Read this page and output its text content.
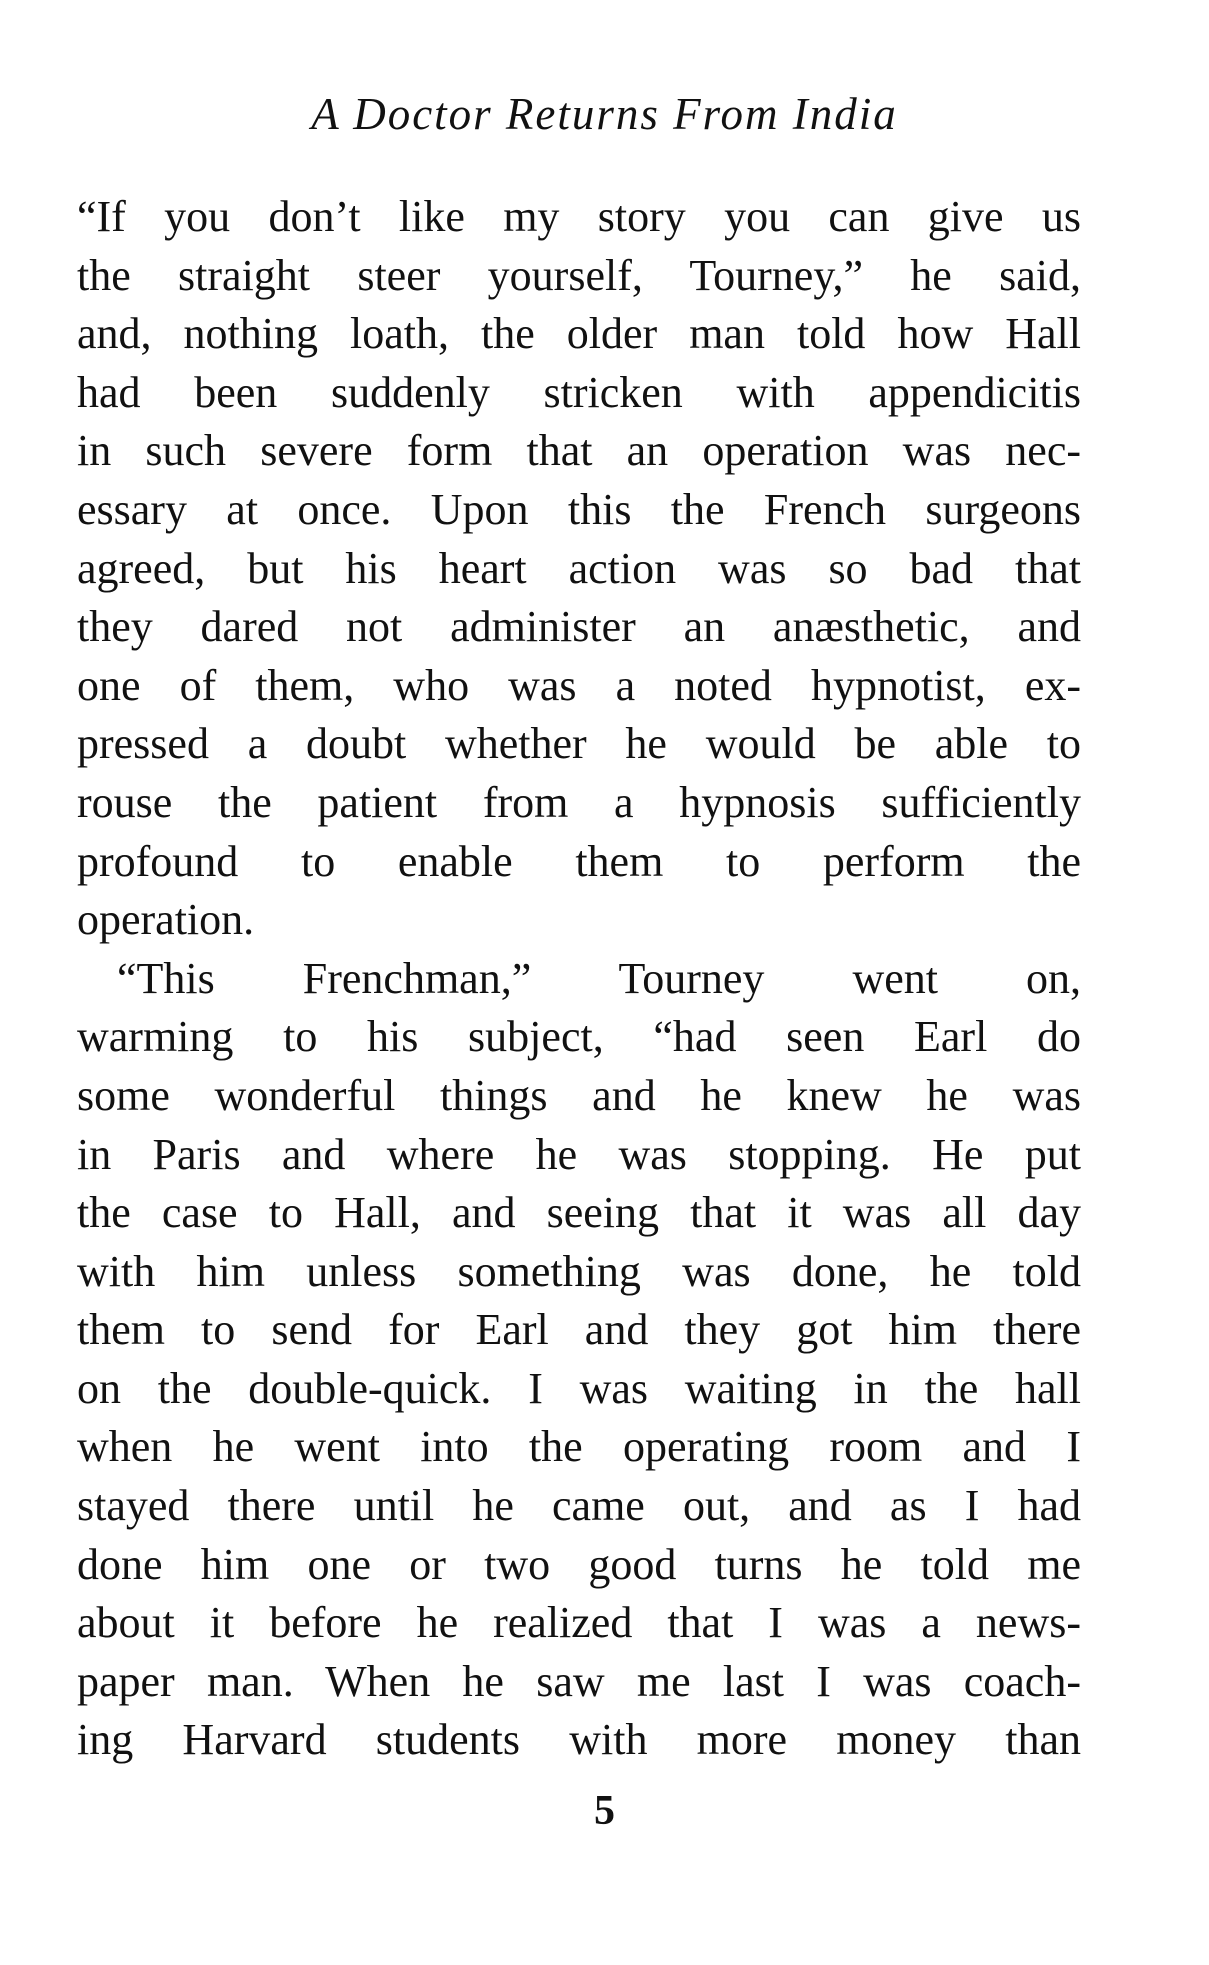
A Doctor Returns From India
“If you don’t like my story you can give us
the straight steer yourself, Tourney,” he said,
and, nothing loath, the older man told how Hall
had been suddenly stricken with appendicitis
in such severe form that an operation was nec-
essary at once. Upon this the French surgeons
agreed, but his heart action was so bad that
they dared not administer an anæsthetic, and
one of them, who was a noted hypnotist, ex-
pressed a doubt whether he would be able to
rouse the patient from a hypnosis sufficiently
profound to enable them to perform the
operation.
“This Frenchman,” Tourney went on,
warming to his subject, “had seen Earl do
some wonderful things and he knew he was
in Paris and where he was stopping. He put
the case to Hall, and seeing that it was all day
with him unless something was done, he told
them to send for Earl and they got him there
on the double-quick. I was waiting in the hall
when he went into the operating room and I
stayed there until he came out, and as I had
done him one or two good turns he told me
about it before he realized that I was a news-
paper man. When he saw me last I was coach-
ing Harvard students with more money than
5
